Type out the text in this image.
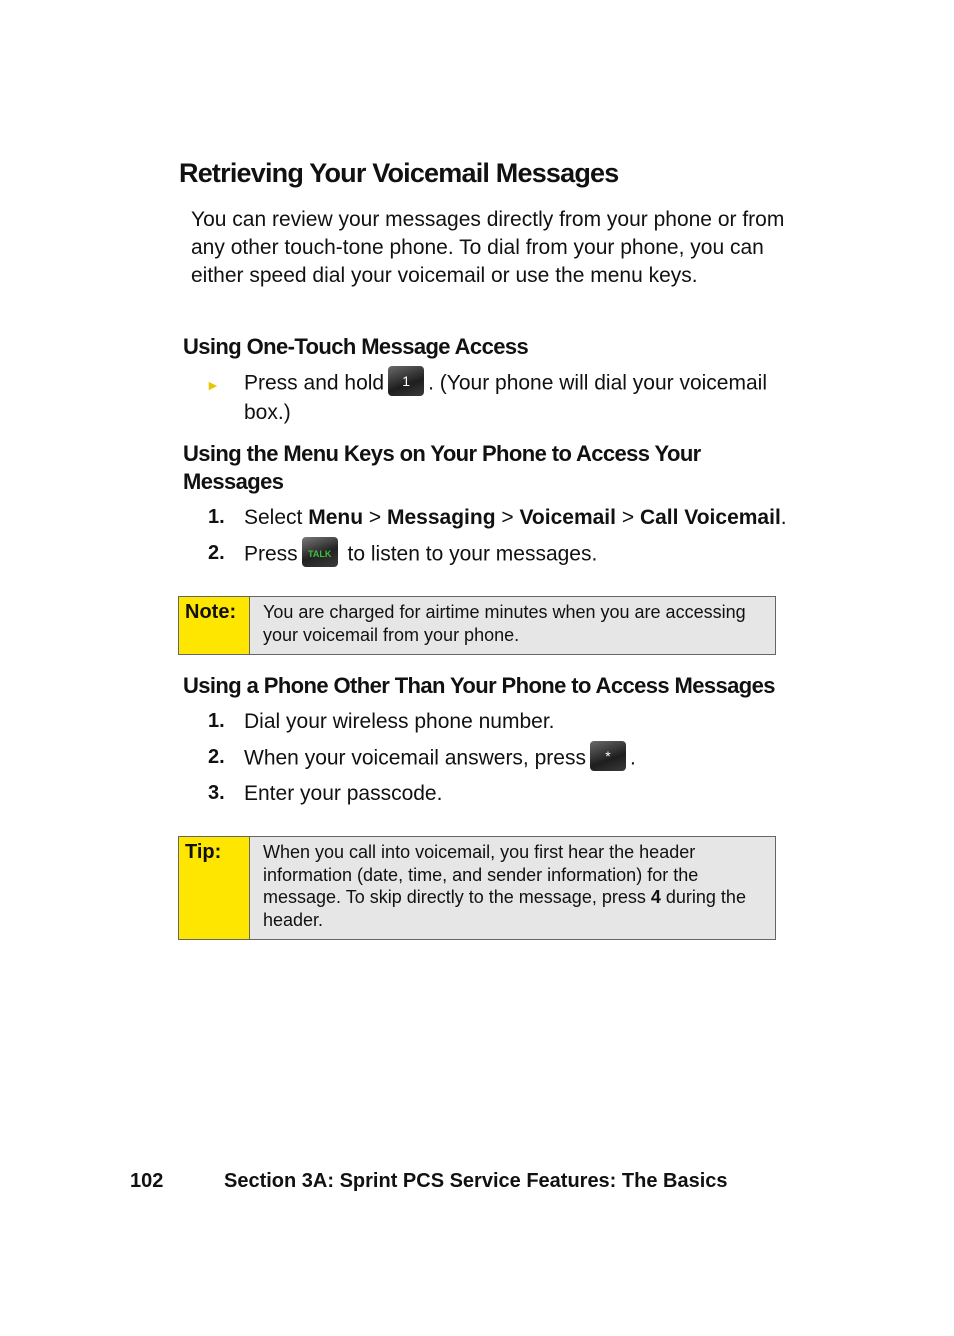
Retrieving Your Voicemail Messages
You can review your messages directly from your phone or from any other touch-tone phone. To dial from your phone, you can either speed dial your voicemail or use the menu keys.
Using One-Touch Message Access
► Press and hold 1 . (Your phone will dial your voicemail box.)
Using the Menu Keys on Your Phone to Access Your Messages
1. Select Menu > Messaging > Voicemail > Call Voicemail.
2. Press TALK to listen to your messages.
Note:	You are charged for airtime minutes when you are accessing your voicemail from your phone.
Using a Phone Other Than Your Phone to Access Messages
1. Dial your wireless phone number.
2. When your voicemail answers, press * .
3. Enter your passcode.
Tip:	When you call into voicemail, you first hear the header information (date, time, and sender information) for the message. To skip directly to the message, press 4 during the header.
102	Section 3A: Sprint PCS Service Features: The Basics
